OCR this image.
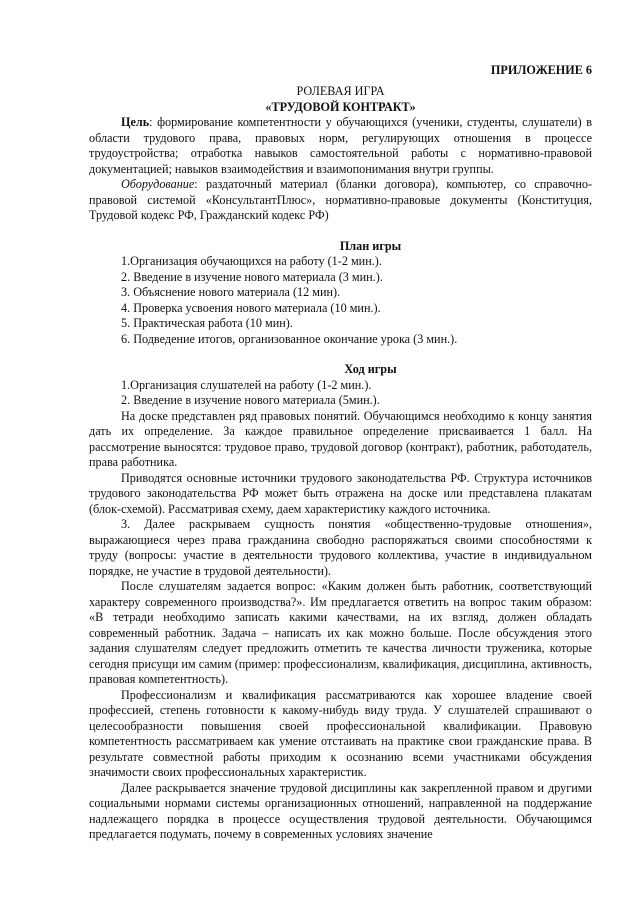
ПРИЛОЖЕНИЕ 6

РОЛЕВАЯ ИГРА

«ТРУДОВОЙ КОНТРАКТ»

Цель: формирование компетентности у обучающихся (ученики, студенты, слушатели) в области трудового права, правовых норм, регулирующих отношения в процессе трудоустройства; отработка навыков самостоятельной работы с нормативно-правовой документацией; навыков взаимодействия и взаимопонимания внутри группы.

Оборудование: раздаточный материал (бланки договора), компьютер, со справочно-правовой системой «КонсультантПлюс», нормативно-правовые документы (Конституция, Трудовой кодекс РФ, Гражданский кодекс РФ)

План игры

1.Организация обучающихся на работу (1-2 мин.).

2. Введение в изучение нового материала (3 мин.).

3. Объяснение нового материала (12 мин).

4. Проверка усвоения нового материала (10 мин.).

5. Практическая работа (10 мин).

6. Подведение итогов, организованное окончание урока (3 мин.).

Ход игры

1.Организация слушателей на работу (1-2 мин.).

2. Введение в изучение нового материала (5мин.).

На доске представлен ряд правовых понятий. Обучающимся необходимо к концу занятия дать их определение. За каждое правильное определение присваивается 1 балл. На рассмотрение выносятся: трудовое право, трудовой договор (контракт), работник, работодатель, права работника.

Приводятся основные источники трудового законодательства РФ. Структура источников трудового законодательства РФ может быть отражена на доске или представлена плакатам (блок-схемой). Рассматривая схему, даем характеристику каждого источника.

3. Далее раскрываем сущность понятия «общественно-трудовые отношения», выражающиеся через права гражданина свободно распоряжаться своими способностями к труду (вопросы: участие в деятельности трудового коллектива, участие в индивидуальном порядке, не участие в трудовой деятельности).

После слушателям задается вопрос: «Каким должен быть работник, соответствующий характеру современного производства?». Им предлагается ответить на вопрос таким образом: «В тетради необходимо записать какими качествами, на их взгляд, должен обладать современный работник. Задача – написать их как можно больше. После обсуждения этого задания слушателям следует предложить отметить те качества личности труженика, которые сегодня присущи им самим (пример: профессионализм, квалификация, дисциплина, активность, правовая компетентность).

Профессионализм и квалификация рассматриваются как хорошее владение своей профессией, степень готовности к какому-нибудь виду труда. У слушателей спрашивают о целесообразности повышения своей профессиональной квалификации. Правовую компетентность рассматриваем как умение отстаивать на практике свои гражданские права. В результате совместной работы приходим к осознанию всеми участниками обсуждения значимости своих профессиональных характеристик.

Далее раскрывается значение трудовой дисциплины как закрепленной правом и другими социальными нормами системы организационных отношений, направленной на поддержание надлежащего порядка в процессе осуществления трудовой деятельности. Обучающимся предлагается подумать, почему в современных условиях значение
